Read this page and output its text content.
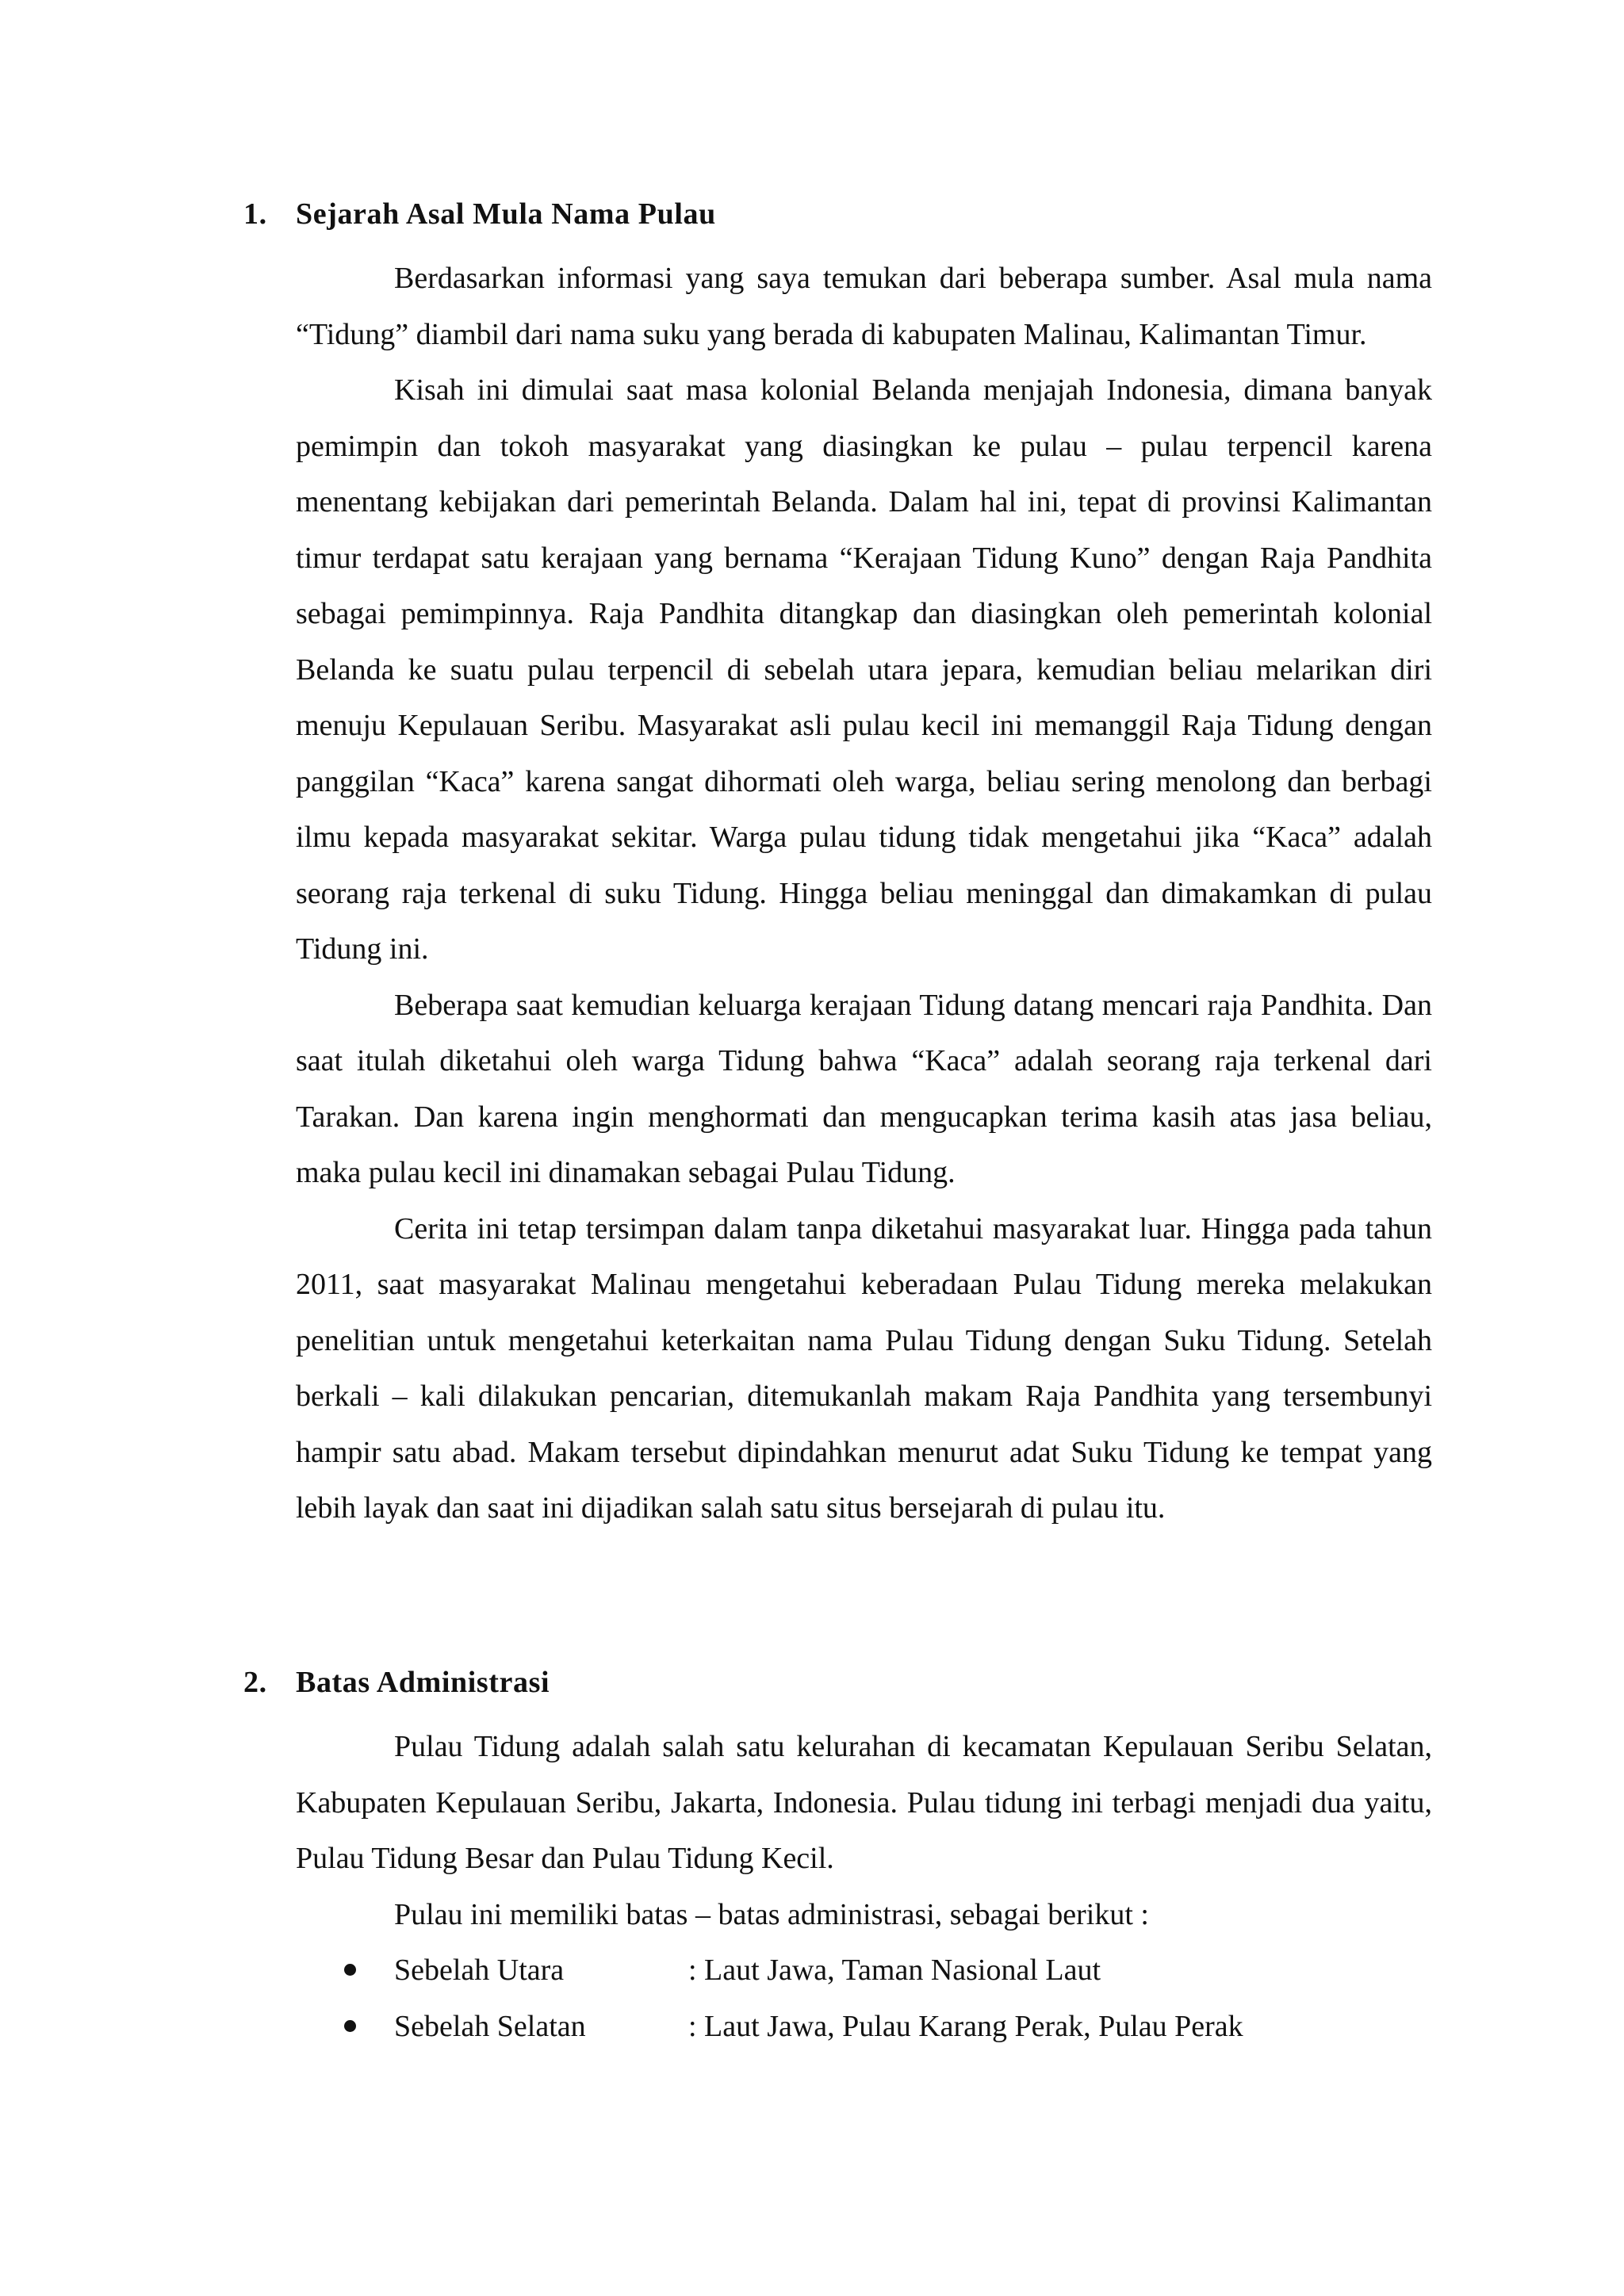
1. Sejarah Asal Mula Nama Pulau

Berdasarkan informasi yang saya temukan dari beberapa sumber. Asal mula nama “Tidung” diambil dari nama suku yang berada di kabupaten Malinau, Kalimantan Timur.

Kisah ini dimulai saat masa kolonial Belanda menjajah Indonesia, dimana banyak pemimpin dan tokoh masyarakat yang diasingkan ke pulau – pulau terpencil karena menentang kebijakan dari pemerintah Belanda. Dalam hal ini, tepat di provinsi Kalimantan timur terdapat satu kerajaan yang bernama “Kerajaan Tidung Kuno” dengan Raja Pandhita sebagai pemimpinnya. Raja Pandhita ditangkap dan diasingkan oleh pemerintah kolonial Belanda ke suatu pulau terpencil di sebelah utara jepara, kemudian beliau melarikan diri menuju Kepulauan Seribu. Masyarakat asli pulau kecil ini memanggil Raja Tidung dengan panggilan “Kaca” karena sangat dihormati oleh warga, beliau sering menolong dan berbagi ilmu kepada masyarakat sekitar. Warga pulau tidung tidak mengetahui jika “Kaca” adalah seorang raja terkenal di suku Tidung. Hingga beliau meninggal dan dimakamkan di pulau Tidung ini.

Beberapa saat kemudian keluarga kerajaan Tidung datang mencari raja Pandhita. Dan saat itulah diketahui oleh warga Tidung bahwa “Kaca” adalah seorang raja terkenal dari Tarakan. Dan karena ingin menghormati dan mengucapkan terima kasih atas jasa beliau, maka pulau kecil ini dinamakan sebagai Pulau Tidung.

Cerita ini tetap tersimpan dalam tanpa diketahui masyarakat luar. Hingga pada tahun 2011, saat masyarakat Malinau mengetahui keberadaan Pulau Tidung mereka melakukan penelitian untuk mengetahui keterkaitan nama Pulau Tidung dengan Suku Tidung. Setelah berkali – kali dilakukan pencarian, ditemukanlah makam Raja Pandhita yang tersembunyi hampir satu abad. Makam tersebut dipindahkan menurut adat Suku Tidung ke tempat yang lebih layak dan saat ini dijadikan salah satu situs bersejarah di pulau itu.

2. Batas Administrasi

Pulau Tidung adalah salah satu kelurahan di kecamatan Kepulauan Seribu Selatan, Kabupaten Kepulauan Seribu, Jakarta, Indonesia. Pulau tidung ini terbagi menjadi dua yaitu, Pulau Tidung Besar dan Pulau Tidung Kecil.

Pulau ini memiliki batas – batas administrasi, sebagai berikut :

Sebelah Utara	: Laut Jawa, Taman Nasional Laut
Sebelah Selatan	: Laut Jawa, Pulau Karang Perak, Pulau Perak
